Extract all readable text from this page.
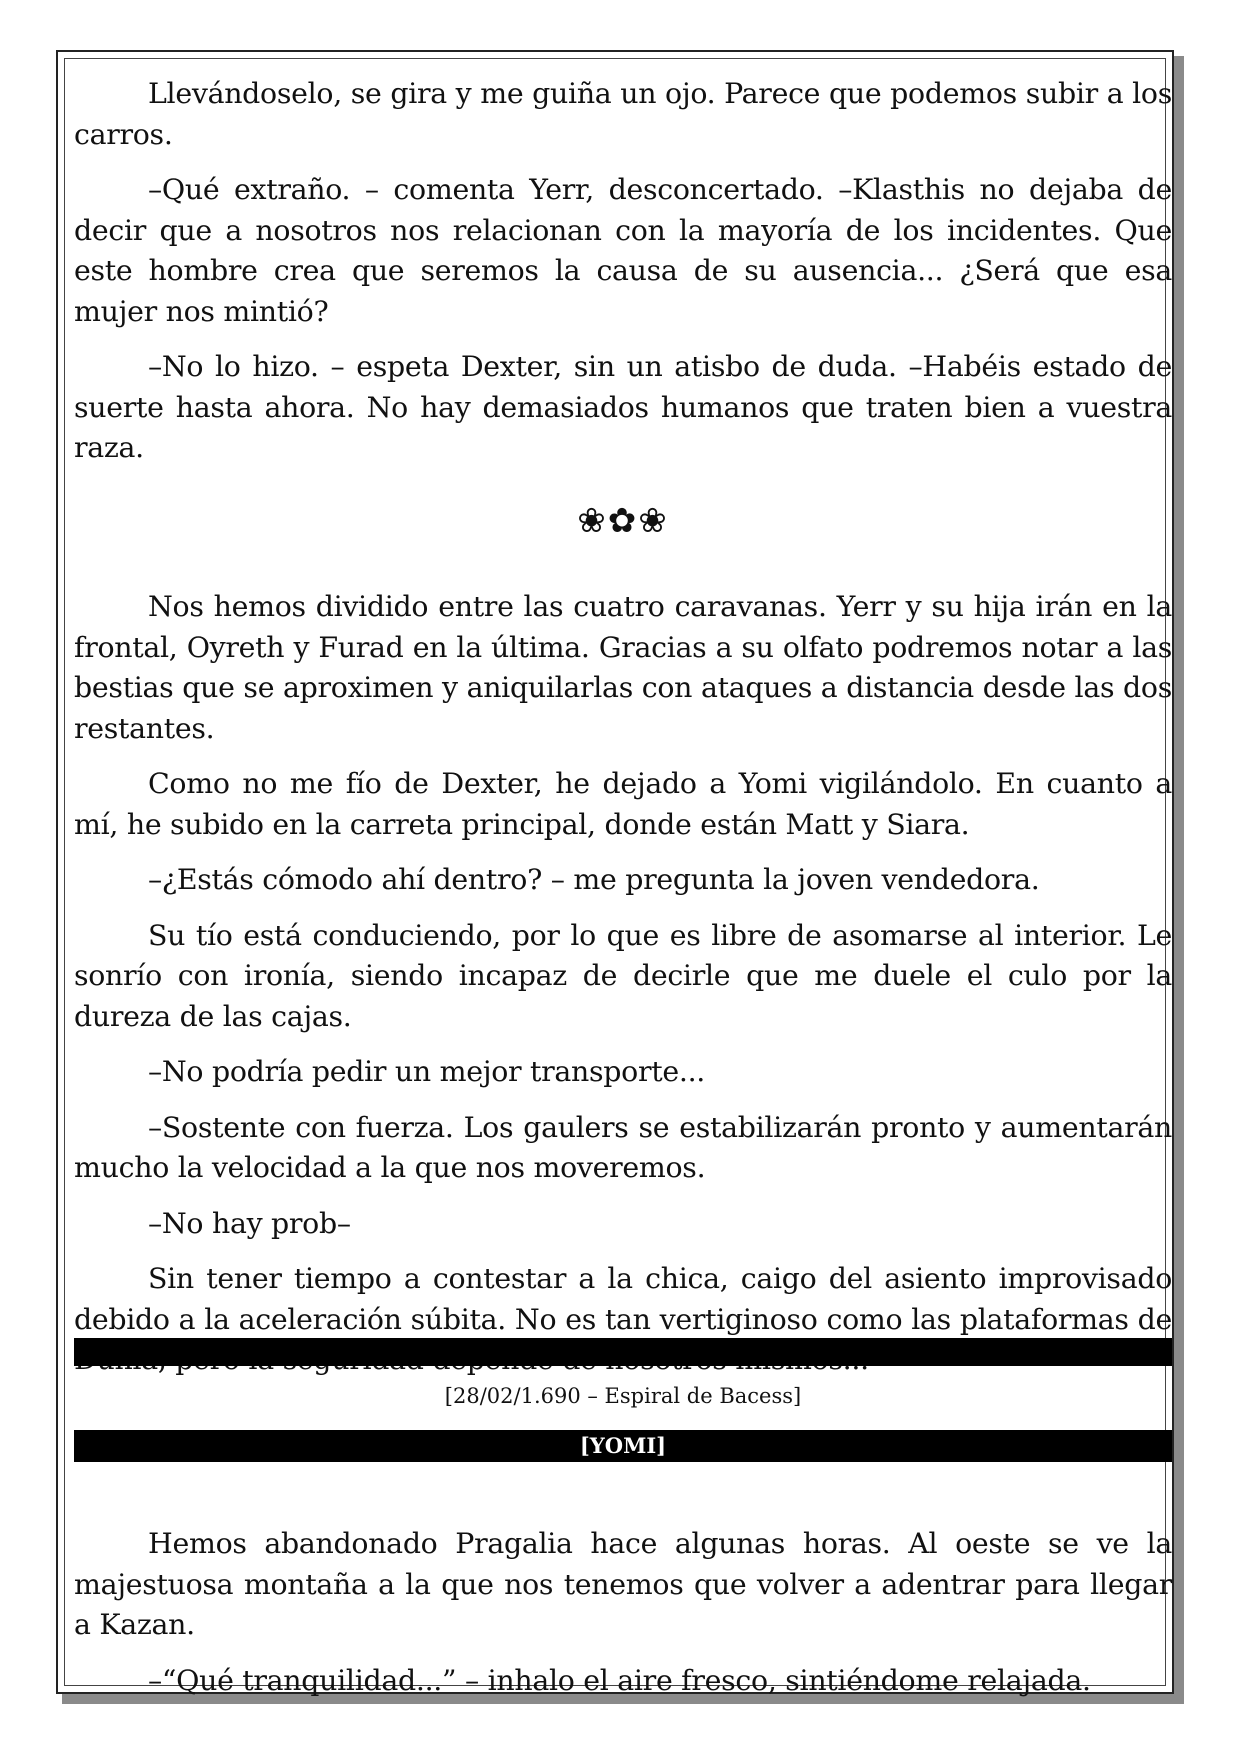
Llevándoselo, se gira y me guiña un ojo. Parece que podemos subir a los carros.

–Qué extraño. – comenta Yerr, desconcertado. –Klasthis no dejaba de decir que a nosotros nos relacionan con la mayoría de los incidentes. Que este hombre crea que seremos la causa de su ausencia... ¿Será que esa mujer nos mintió?

–No lo hizo. – espeta Dexter, sin un atisbo de duda. –Habéis estado de suerte hasta ahora. No hay demasiados humanos que traten bien a vuestra raza.

❀✿❀

Nos hemos dividido entre las cuatro caravanas. Yerr y su hija irán en la frontal, Oyreth y Furad en la última. Gracias a su olfato podremos notar a las bestias que se aproximen y aniquilarlas con ataques a distancia desde las dos restantes.

Como no me fío de Dexter, he dejado a Yomi vigilándolo. En cuanto a mí, he subido en la carreta principal, donde están Matt y Siara.

–¿Estás cómodo ahí dentro? – me pregunta la joven vendedora.

Su tío está conduciendo, por lo que es libre de asomarse al interior. Le sonrío con ironía, siendo incapaz de decirle que me duele el culo por la dureza de las cajas.

–No podría pedir un mejor transporte...

–Sostente con fuerza. Los gaulers se estabilizarán pronto y aumentarán mucho la velocidad a la que nos moveremos.

–No hay prob–

Sin tener tiempo a contestar a la chica, caigo del asiento improvisado debido a la aceleración súbita. No es tan vertiginoso como las plataformas de

[28/02/1.690 – Espiral de Bacess]
[YOMI]

Hemos abandonado Pragalia hace algunas horas. Al oeste se ve la majestuosa montaña a la que nos tenemos que volver a adentrar para llegar a Kazan.

–“Qué tranquilidad...” – inhalo el aire fresco, sintiéndome relajada.
